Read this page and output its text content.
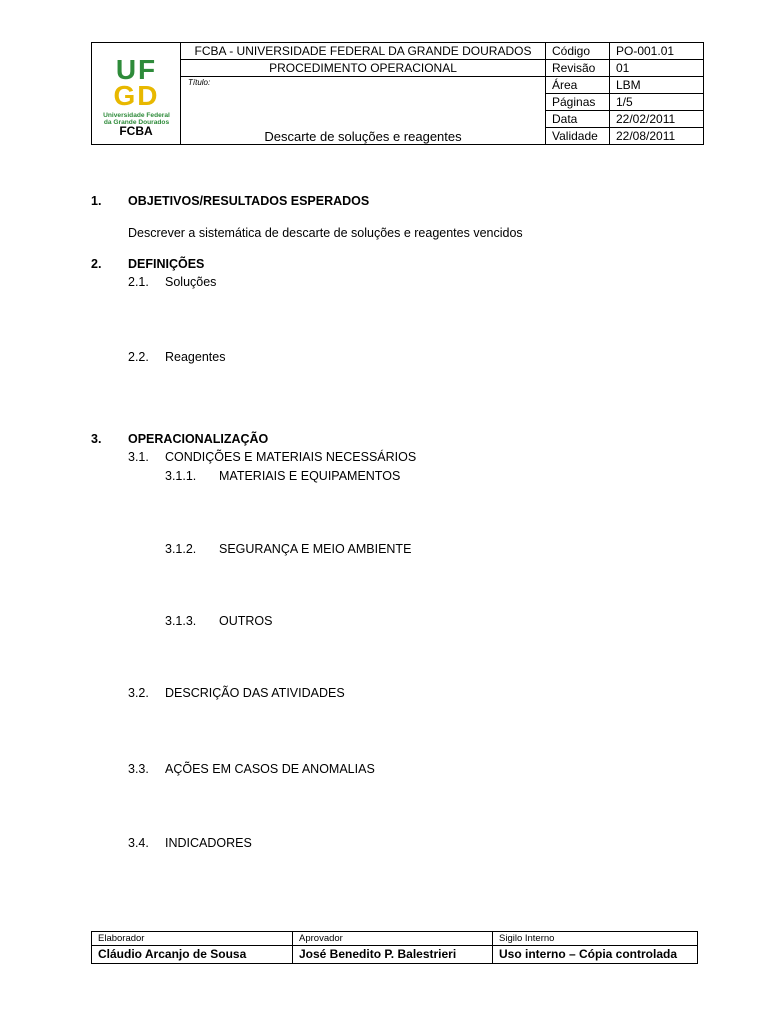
UF
GD
Universidade Federal
da Grande Dourados
FCBA	FCBA - UNIVERSIDADE FEDERAL DA GRANDE DOURADOS	Código	PO-001.01
	PROCEDIMENTO OPERACIONAL	Revisão	01

	Título:
Descarte de soluções e reagentes	Área	LBM
		Páginas	1/5
		Data	22/02/2011
		Validade	22/08/2011
1. OBJETIVOS/RESULTADOS ESPERADOS
Descrever a sistemática de descarte de soluções e reagentes vencidos
2. DEFINIÇÕES
2.1. Soluções
2.2. Reagentes
3. OPERACIONALIZAÇÃO
3.1. CONDIÇÕES E MATERIAIS NECESSÁRIOS
3.1.1. MATERIAIS E EQUIPAMENTOS
3.1.2. SEGURANÇA E MEIO AMBIENTE
3.1.3. OUTROS
3.2. DESCRIÇÃO DAS ATIVIDADES
3.3. AÇÕES EM CASOS DE ANOMALIAS
3.4. INDICADORES
Elaborador	Aprovador	Sigilo Interno
Cláudio Arcanjo de Sousa	José Benedito P. Balestrieri	Uso interno – Cópia controlada
